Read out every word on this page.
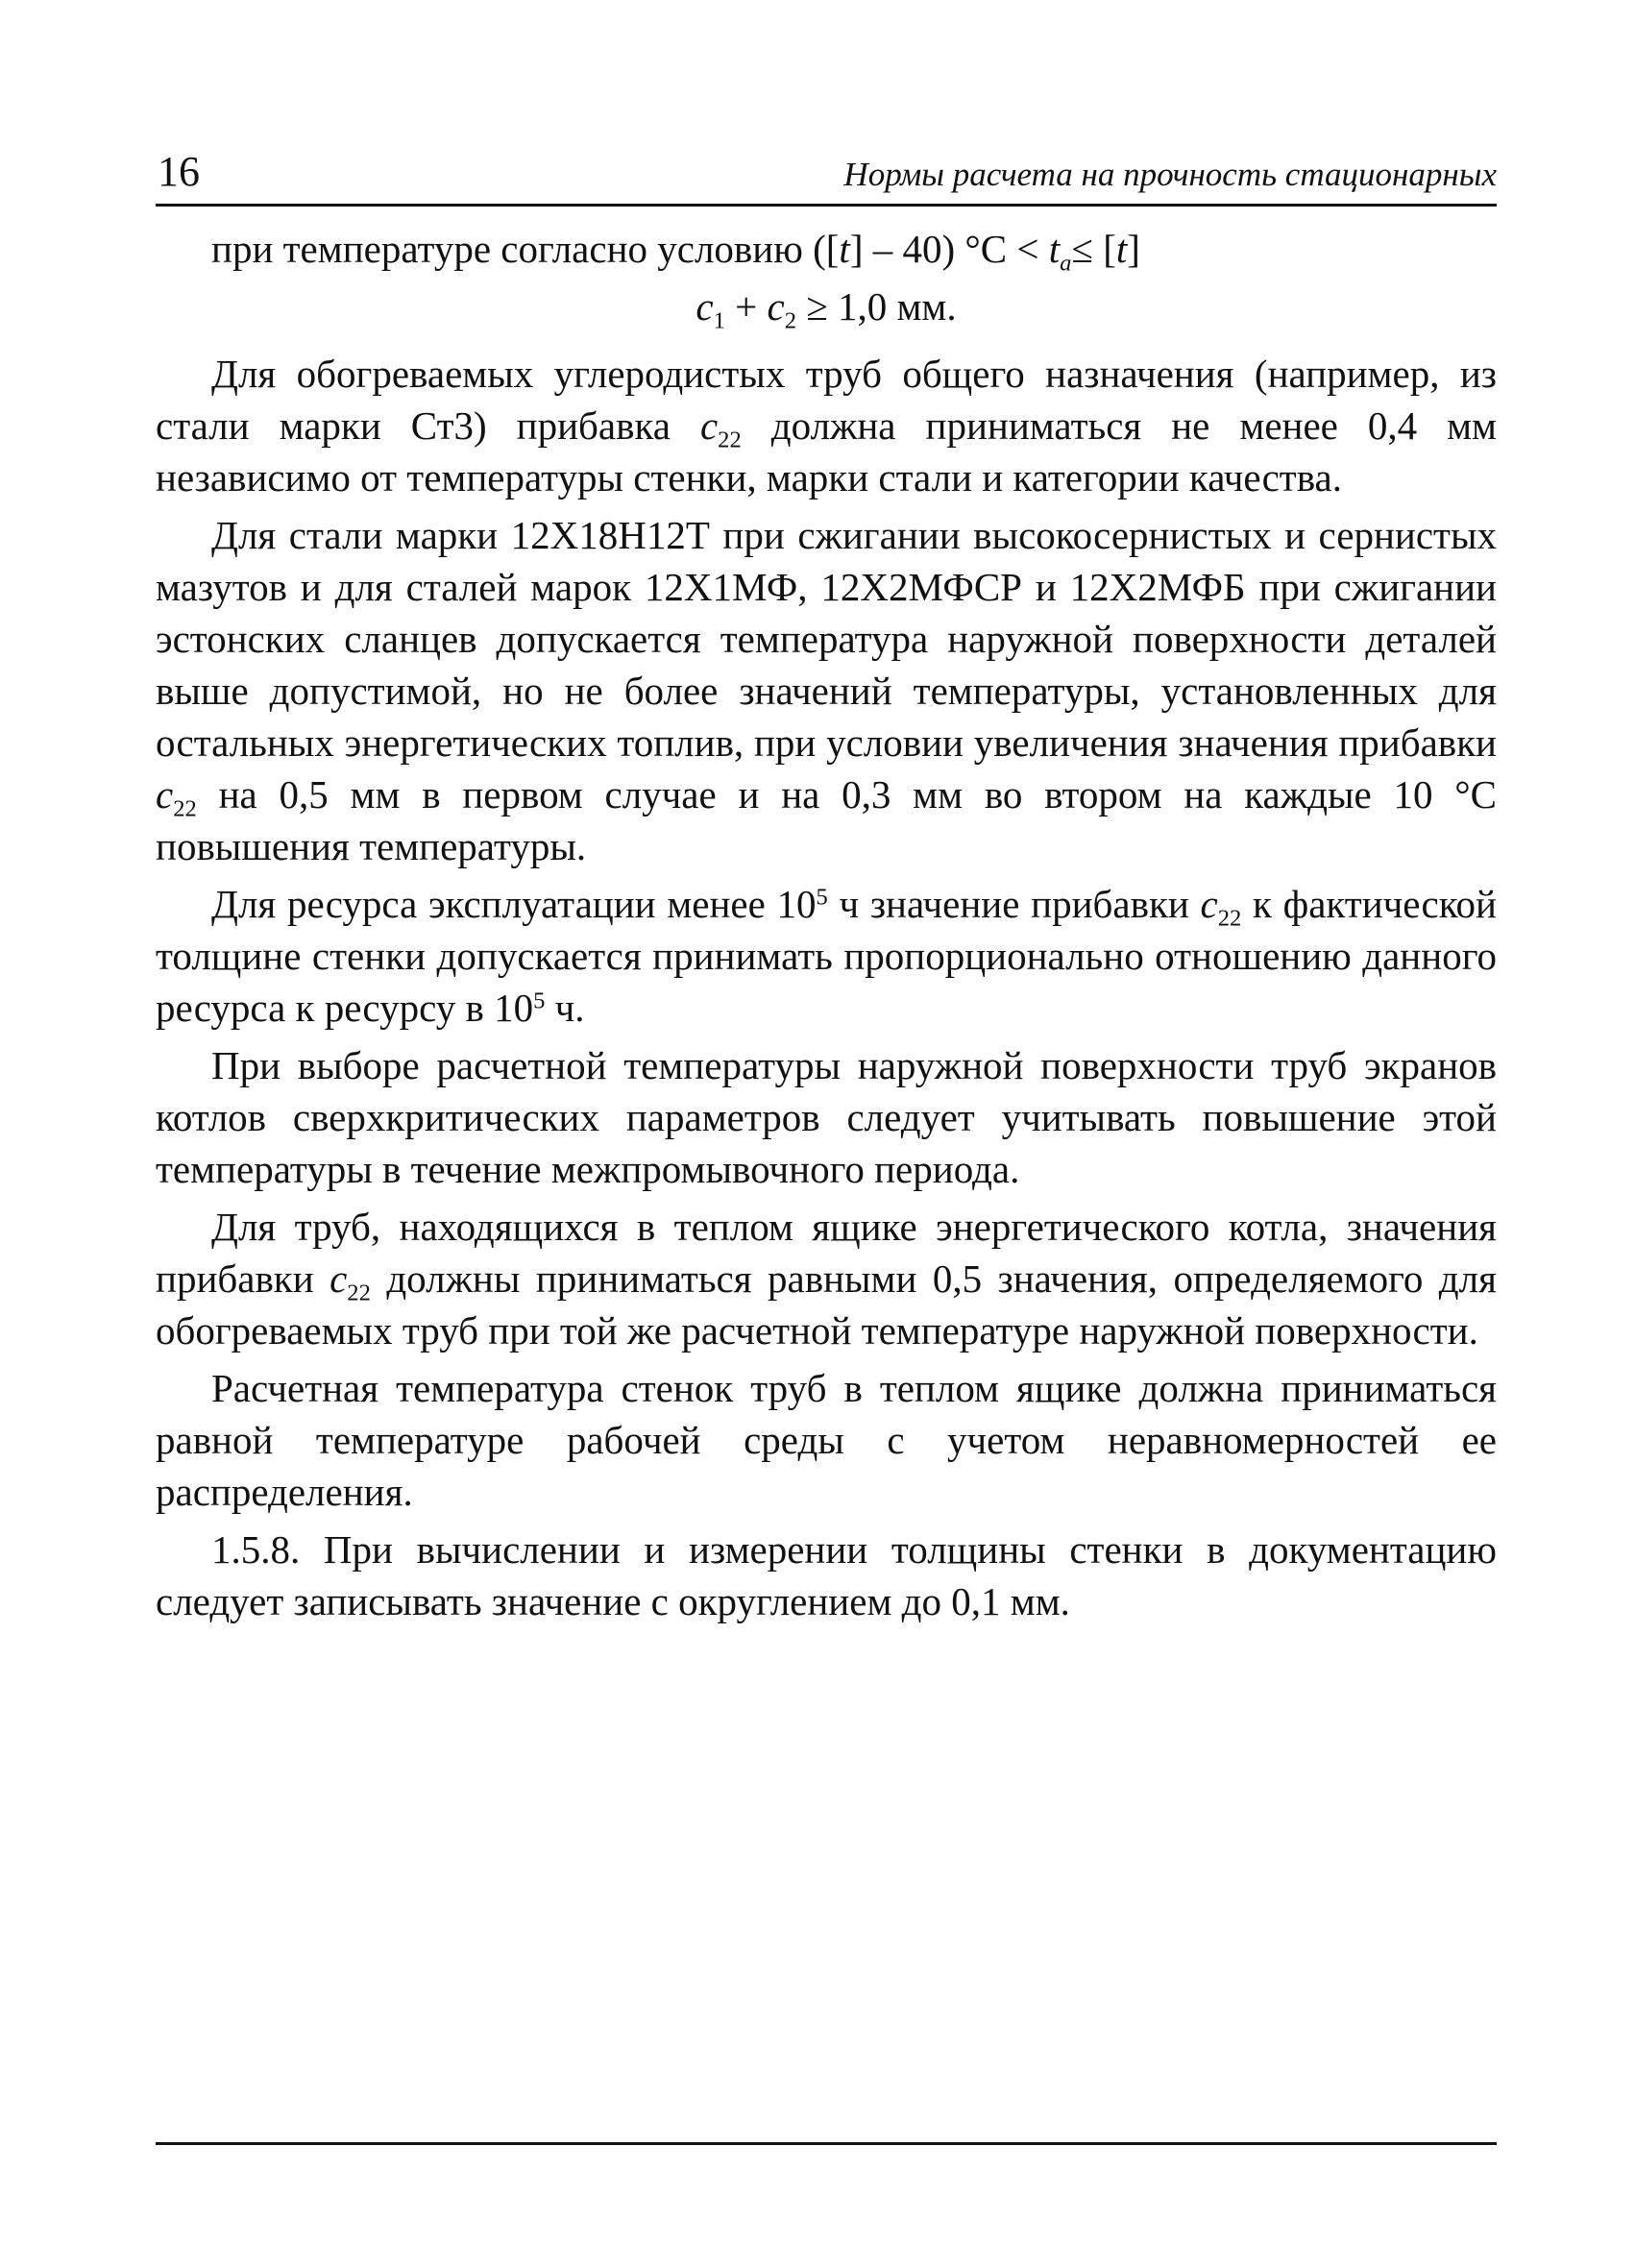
16	Нормы расчета на прочность стационарных

при температуре согласно условию ([t] – 40) $^\circ С < t_a\le [t]$

$c_1 + c_2 \ge 1,0$ мм.

Для обогреваемых углеродистых труб общего назначения (например, из стали марки Ст3) прибавка $c_{22}$ должна приниматься не менее 0,4 мм независимо от температуры стенки, марки стали и категории качества.

Для стали марки 12Х18Н12Т при сжигании высокосернистых и сернистых мазутов и для сталей марок 12Х1МФ, 12Х2МФСР и 12Х2МФБ при сжигании эстонских сланцев допускается температура наружной поверхности деталей выше допустимой, но не более значений температуры, установленных для остальных энергетических топлив, при условии увеличения значения прибавки $c_{22}$ на 0,5 мм в первом случае и на 0,3 мм во втором на каждые 10 °С повышения температуры.

Для ресурса эксплуатации менее $10^5$ ч значение прибавки $c_{22}$ к фактической толщине стенки допускается принимать пропорционально отношению данного ресурса к ресурсу в $10^5$ ч.

При выборе расчетной температуры наружной поверхности труб экранов котлов сверхкритических параметров следует учитывать повышение этой температуры в течение межпромывочного периода.

Для труб, находящихся в теплом ящике энергетического котла, значения прибавки $c_{22}$ должны приниматься равными 0,5 значения, определяемого для обогреваемых труб при той же расчетной температуре наружной поверхности.

Расчетная температура стенок труб в теплом ящике должна приниматься равной температуре рабочей среды с учетом неравномерностей ее распределения.

1.5.8. При вычислении и измерении толщины стенки в документацию следует записывать значение с округлением до 0,1 мм.
